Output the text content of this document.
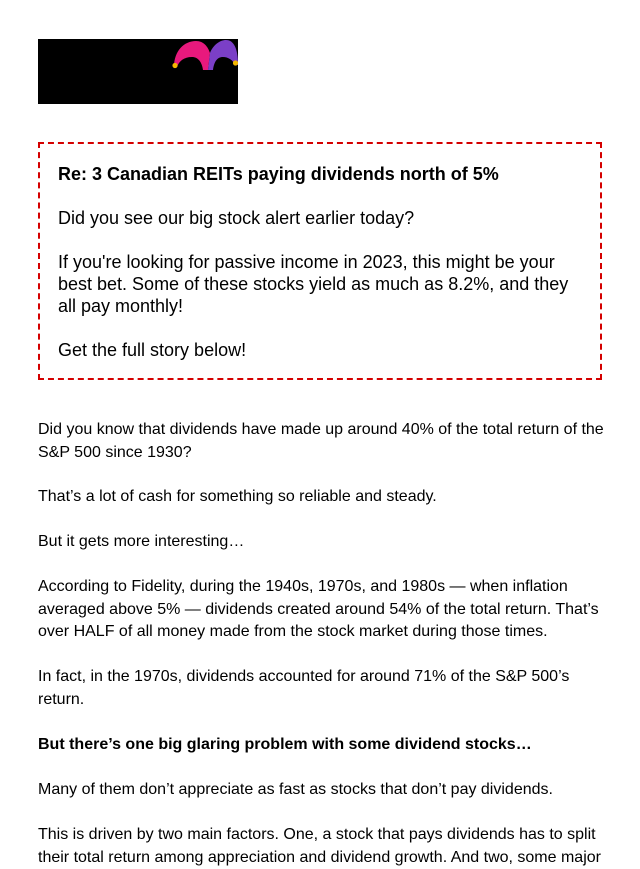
Re: 3 Canadian REITs paying dividends north of 5%

Did you see our big stock alert earlier today?

If you're looking for passive income in 2023, this might be your best bet. Some of these stocks yield as much as 8.2%, and they all pay monthly!

Get the full story below!

Did you know that dividends have made up around 40% of the total return of the S&P 500 since 1930?

That’s a lot of cash for something so reliable and steady.

But it gets more interesting…

According to Fidelity, during the 1940s, 1970s, and 1980s — when inflation averaged above 5% — dividends created around 54% of the total return. That’s over HALF of all money made from the stock market during those times.

In fact, in the 1970s, dividends accounted for around 71% of the S&P 500’s return.

But there’s one big glaring problem with some dividend stocks…

Many of them don’t appreciate as fast as stocks that don’t pay dividends.

This is driven by two main factors. One, a stock that pays dividends has to split their total return among appreciation and dividend growth. And two, some major
